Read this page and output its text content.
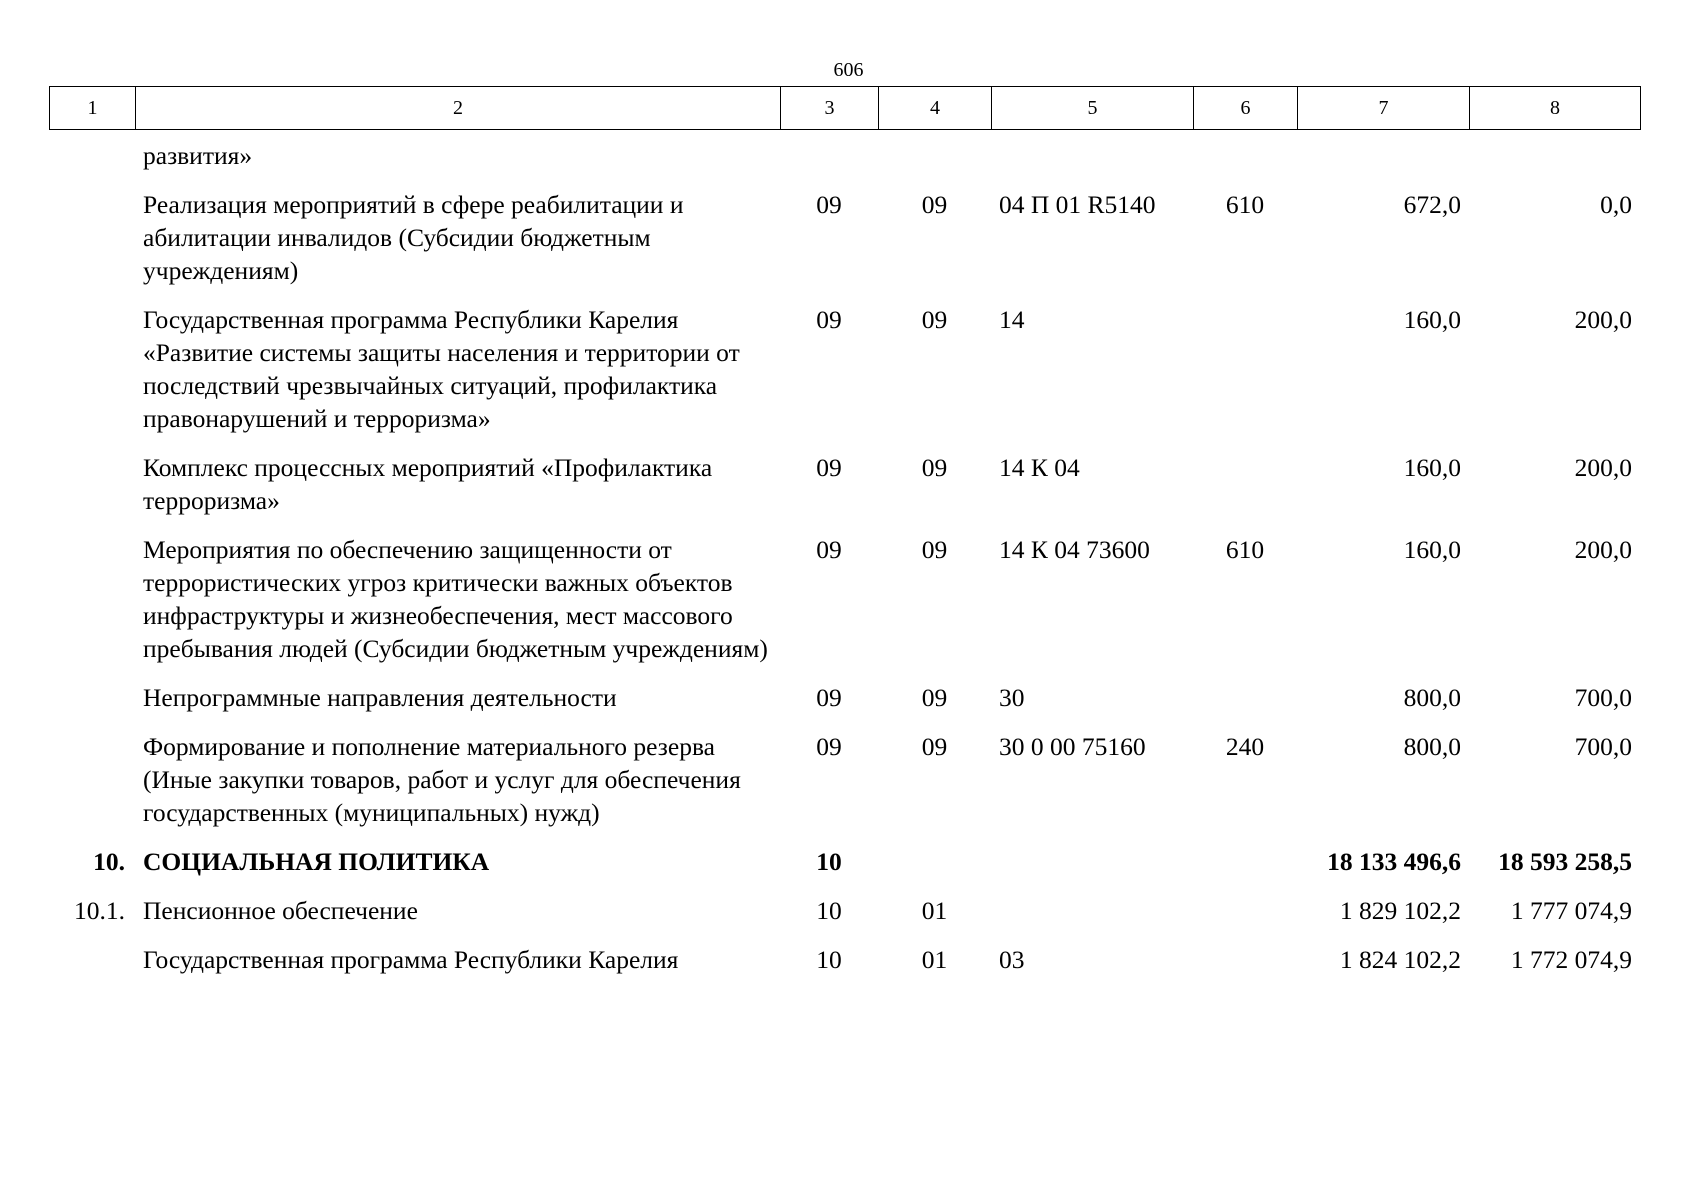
606
1	2	3	4	5	6	7	8
	развития»						
	Реализация мероприятий в сфере реабилитации и абилитации инвалидов (Субсидии бюджетным учреждениям)	09	09	04 П 01 R5140	610	672,0	0,0
	Государственная программа Республики Карелия «Развитие системы защиты населения и территории от последствий чрезвычайных ситуаций, профилактика правонарушений и терроризма»	09	09	14		160,0	200,0
	Комплекс процессных мероприятий «Профилактика терроризма»	09	09	14 К 04		160,0	200,0
	Мероприятия по обеспечению защищенности от террористических угроз критически важных объектов инфраструктуры и жизнеобеспечения, мест массового пребывания людей (Субсидии бюджетным учреждениям)	09	09	14 К 04 73600	610	160,0	200,0
	Непрограммные направления деятельности	09	09	30		800,0	700,0
	Формирование и пополнение материального резерва (Иные закупки товаров, работ и услуг для обеспечения государственных (муниципальных) нужд)	09	09	30 0 00 75160	240	800,0	700,0
10.	СОЦИАЛЬНАЯ ПОЛИТИКА	10				18 133 496,6	18 593 258,5
10.1.	Пенсионное обеспечение	10	01			1 829 102,2	1 777 074,9
	Государственная программа Республики Карелия	10	01	03		1 824 102,2	1 772 074,9
